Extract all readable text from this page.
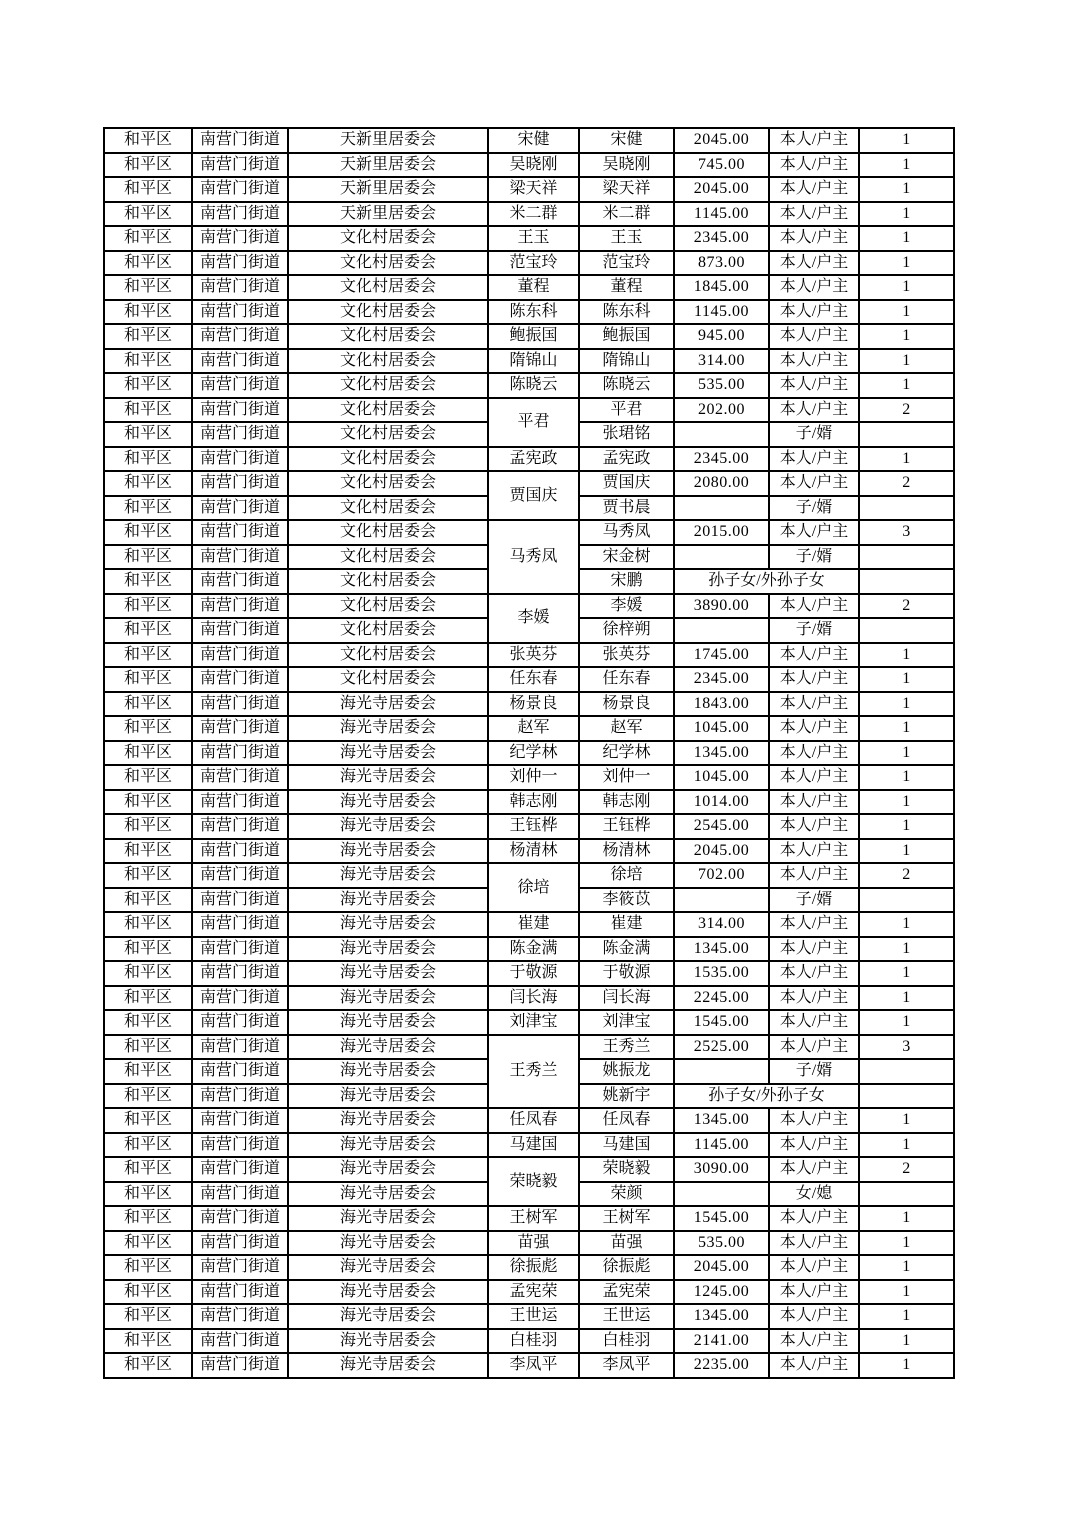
和平区	南营门街道	天新里居委会	宋健	宋健	2045.00	本人/户主	1
和平区	南营门街道	天新里居委会	吴晓刚	吴晓刚	745.00	本人/户主	1
和平区	南营门街道	天新里居委会	梁天祥	梁天祥	2045.00	本人/户主	1
和平区	南营门街道	天新里居委会	米二群	米二群	1145.00	本人/户主	1
和平区	南营门街道	文化村居委会	王玉	王玉	2345.00	本人/户主	1
和平区	南营门街道	文化村居委会	范宝玲	范宝玲	873.00	本人/户主	1
和平区	南营门街道	文化村居委会	董程	董程	1845.00	本人/户主	1
和平区	南营门街道	文化村居委会	陈东科	陈东科	1145.00	本人/户主	1
和平区	南营门街道	文化村居委会	鲍振国	鲍振国	945.00	本人/户主	1
和平区	南营门街道	文化村居委会	隋锦山	隋锦山	314.00	本人/户主	1
和平区	南营门街道	文化村居委会	陈晓云	陈晓云	535.00	本人/户主	1
和平区	南营门街道	文化村居委会	平君	平君	202.00	本人/户主	2
和平区	南营门街道	文化村居委会		张珺铭		子/婿	
和平区	南营门街道	文化村居委会	孟宪政	孟宪政	2345.00	本人/户主	1
和平区	南营门街道	文化村居委会	贾国庆	贾国庆	2080.00	本人/户主	2
和平区	南营门街道	文化村居委会		贾书晨		子/婿	
和平区	南营门街道	文化村居委会	马秀凤	马秀凤	2015.00	本人/户主	3
和平区	南营门街道	文化村居委会		宋金树		子/婿	
和平区	南营门街道	文化村居委会		宋鹏	孙子女/外孙子女		
和平区	南营门街道	文化村居委会	李媛	李媛	3890.00	本人/户主	2
和平区	南营门街道	文化村居委会		徐梓朔		子/婿	
和平区	南营门街道	文化村居委会	张英芬	张英芬	1745.00	本人/户主	1
和平区	南营门街道	文化村居委会	任东春	任东春	2345.00	本人/户主	1
和平区	南营门街道	海光寺居委会	杨景良	杨景良	1843.00	本人/户主	1
和平区	南营门街道	海光寺居委会	赵军	赵军	1045.00	本人/户主	1
和平区	南营门街道	海光寺居委会	纪学林	纪学林	1345.00	本人/户主	1
和平区	南营门街道	海光寺居委会	刘仲一	刘仲一	1045.00	本人/户主	1
和平区	南营门街道	海光寺居委会	韩志刚	韩志刚	1014.00	本人/户主	1
和平区	南营门街道	海光寺居委会	王钰桦	王钰桦	2545.00	本人/户主	1
和平区	南营门街道	海光寺居委会	杨清林	杨清林	2045.00	本人/户主	1
和平区	南营门街道	海光寺居委会	徐培	徐培	702.00	本人/户主	2
和平区	南营门街道	海光寺居委会		李筱苡		子/婿	
和平区	南营门街道	海光寺居委会	崔建	崔建	314.00	本人/户主	1
和平区	南营门街道	海光寺居委会	陈金满	陈金满	1345.00	本人/户主	1
和平区	南营门街道	海光寺居委会	于敬源	于敬源	1535.00	本人/户主	1
和平区	南营门街道	海光寺居委会	闫长海	闫长海	2245.00	本人/户主	1
和平区	南营门街道	海光寺居委会	刘津宝	刘津宝	1545.00	本人/户主	1
和平区	南营门街道	海光寺居委会	王秀兰	王秀兰	2525.00	本人/户主	3
和平区	南营门街道	海光寺居委会		姚振龙		子/婿	
和平区	南营门街道	海光寺居委会		姚新宇	孙子女/外孙子女		
和平区	南营门街道	海光寺居委会	任凤春	任凤春	1345.00	本人/户主	1
和平区	南营门街道	海光寺居委会	马建国	马建国	1145.00	本人/户主	1
和平区	南营门街道	海光寺居委会	荣晓毅	荣晓毅	3090.00	本人/户主	2
和平区	南营门街道	海光寺居委会		荣颜		女/媳	
和平区	南营门街道	海光寺居委会	王树军	王树军	1545.00	本人/户主	1
和平区	南营门街道	海光寺居委会	苗强	苗强	535.00	本人/户主	1
和平区	南营门街道	海光寺居委会	徐振彪	徐振彪	2045.00	本人/户主	1
和平区	南营门街道	海光寺居委会	孟宪荣	孟宪荣	1245.00	本人/户主	1
和平区	南营门街道	海光寺居委会	王世运	王世运	1345.00	本人/户主	1
和平区	南营门街道	海光寺居委会	白桂羽	白桂羽	2141.00	本人/户主	1
和平区	南营门街道	海光寺居委会	李凤平	李凤平	2235.00	本人/户主	1
